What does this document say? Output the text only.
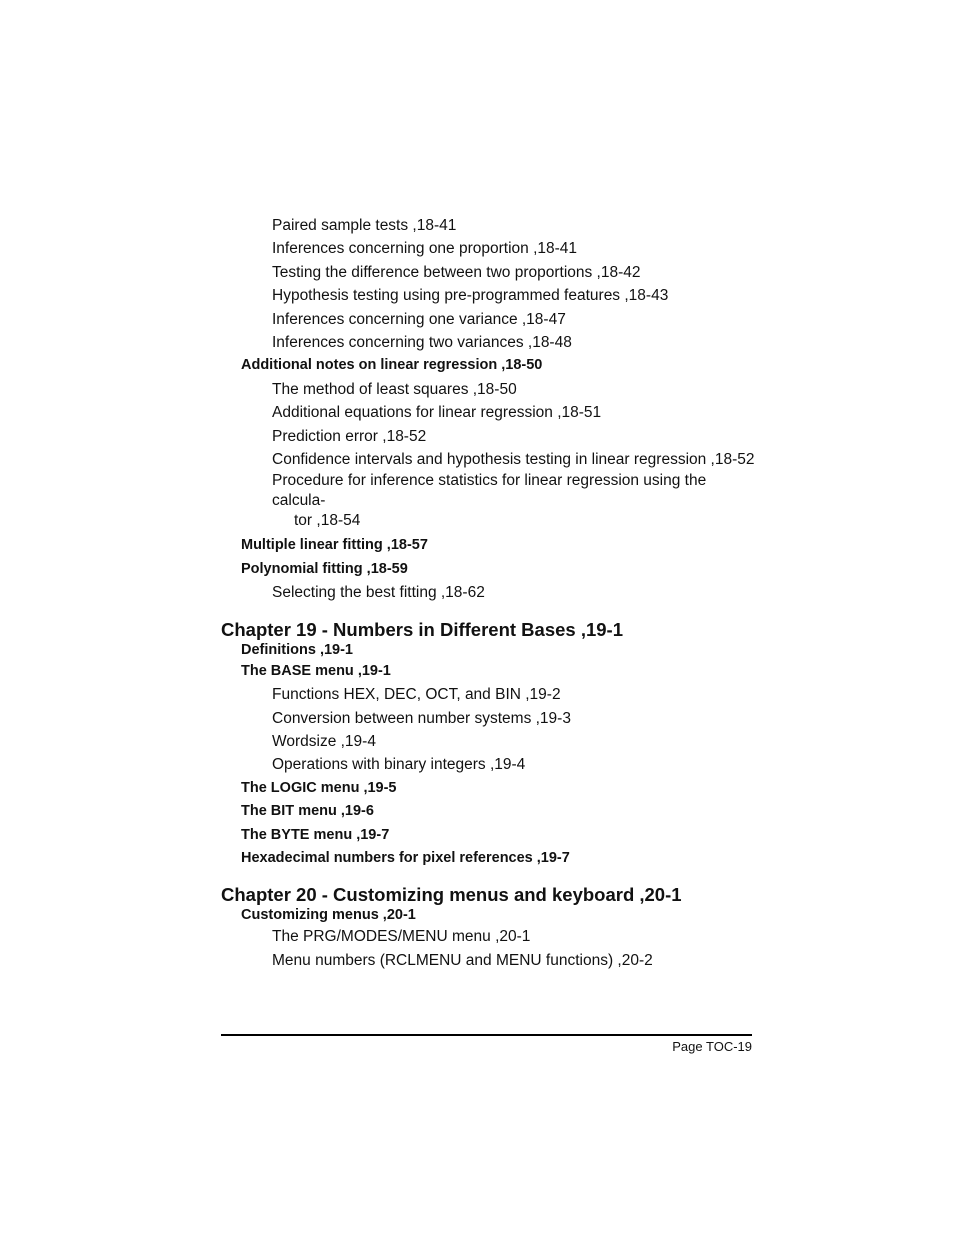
Paired sample tests ,18-41
Inferences concerning one proportion ,18-41
Testing the difference between two proportions ,18-42
Hypothesis testing using pre-programmed features ,18-43
Inferences concerning one variance ,18-47
Inferences concerning two variances ,18-48
Additional notes on linear regression ,18-50
The method of least squares ,18-50
Additional equations for linear regression ,18-51
Prediction error ,18-52
Confidence intervals and hypothesis testing in linear regression ,18-52
Procedure for inference statistics for linear regression using the calcula-
tor ,18-54
Multiple linear fitting ,18-57
Polynomial fitting ,18-59
Selecting the best fitting ,18-62
Chapter 19 - Numbers in Different Bases ,19-1
Definitions ,19-1
The BASE menu ,19-1
Functions HEX, DEC, OCT, and BIN ,19-2
Conversion between number systems ,19-3
Wordsize ,19-4
Operations with binary integers ,19-4
The LOGIC menu ,19-5
The BIT menu ,19-6
The BYTE menu ,19-7
Hexadecimal numbers for pixel references ,19-7
Chapter 20 - Customizing menus and keyboard ,20-1
Customizing menus ,20-1
The PRG/MODES/MENU menu ,20-1
Menu numbers (RCLMENU and MENU functions) ,20-2
Page TOC-19
